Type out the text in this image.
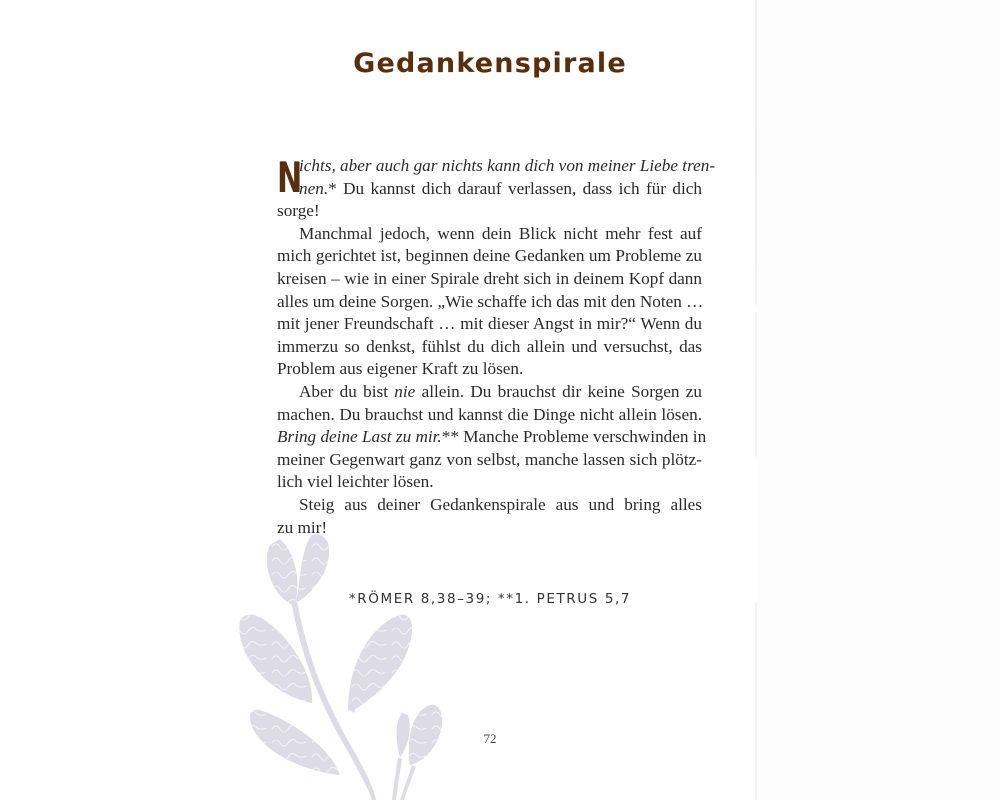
Gedankenspirale
N
ichts, aber auch gar nichts kann dich von meiner Liebe tren-
nen.* Du kannst dich darauf verlassen, dass ich für dich
sorge!
Manchmal jedoch, wenn dein Blick nicht mehr fest auf
mich gerichtet ist, beginnen deine Gedanken um Probleme zu
kreisen – wie in einer Spirale dreht sich in deinem Kopf dann
alles um deine Sorgen. „Wie schaffe ich das mit den Noten …
mit jener Freundschaft … mit dieser Angst in mir?“ Wenn du
immerzu so denkst, fühlst du dich allein und versuchst, das
Problem aus eigener Kraft zu lösen.
Aber du bist nie allein. Du brauchst dir keine Sorgen zu
machen. Du brauchst und kannst die Dinge nicht allein lösen.
Bring deine Last zu mir.** Manche Probleme verschwinden in
meiner Gegenwart ganz von selbst, manche lassen sich plötz-
lich viel leichter lösen.
Steig aus deiner Gedankenspirale aus und bring alles
zu mir!
*RÖMER 8,38–39; **1. PETRUS 5,7
72
